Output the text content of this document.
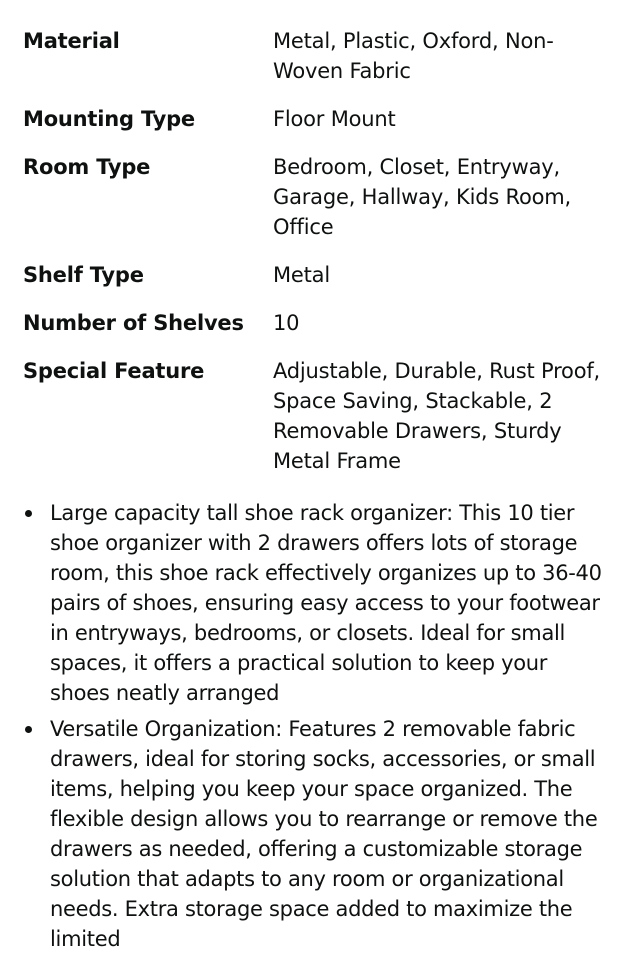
Material	Metal, Plastic, Oxford, Non-Woven Fabric
Mounting Type	Floor Mount
Room Type	Bedroom, Closet, Entryway, Garage, Hallway, Kids Room, Office
Shelf Type	Metal
Number of Shelves	10
Special Feature	Adjustable, Durable, Rust Proof, Space Saving, Stackable, 2 Removable Drawers, Sturdy Metal Frame
Large capacity tall shoe rack organizer: This 10 tier shoe organizer with 2 drawers offers lots of storage room, this shoe rack effectively organizes up to 36-40 pairs of shoes, ensuring easy access to your footwear in entryways, bedrooms, or closets. Ideal for small spaces, it offers a practical solution to keep your shoes neatly arranged
Versatile Organization: Features 2 removable fabric drawers, ideal for storing socks, accessories, or small items, helping you keep your space organized. The flexible design allows you to rearrange or remove the drawers as needed, offering a customizable storage solution that adapts to any room or organizational needs. Extra storage space added to maximize the limited
